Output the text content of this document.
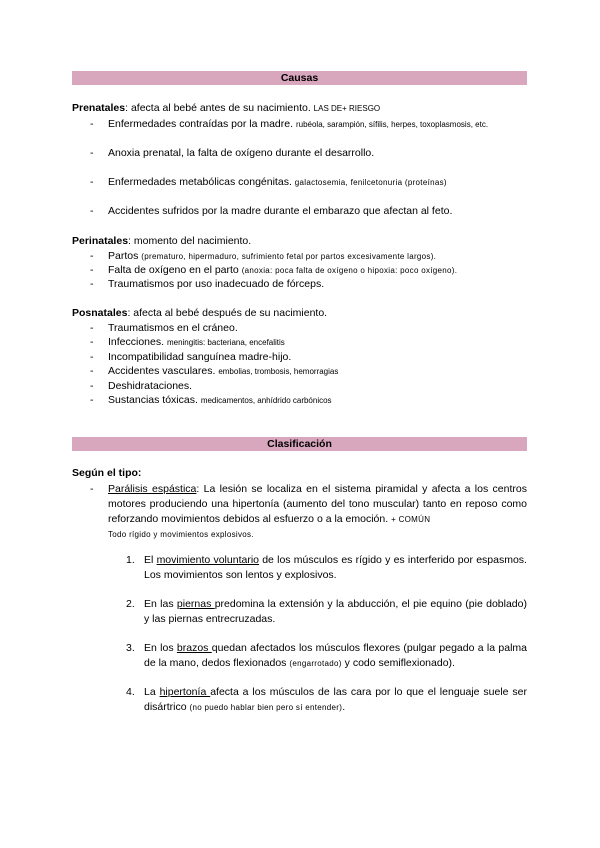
Causas
Prenatales: afecta al bebé antes de su nacimiento. LAS DE+ RIESGO
- Enfermedades contraídas por la madre. rubéola, sarampión, sífilis, herpes, toxoplasmosis, etc.
- Anoxia prenatal, la falta de oxígeno durante el desarrollo.
- Enfermedades metabólicas congénitas. galactosemia, fenilcetonuria (proteínas)
- Accidentes sufridos por la madre durante el embarazo que afectan al feto.
Perinatales: momento del nacimiento.
- Partos (prematuro, hipermaduro, sufrimiento fetal por partos excesivamente largos).
- Falta de oxígeno en el parto (anoxia: poca falta de oxígeno o hipoxia: poco oxígeno).
- Traumatismos por uso inadecuado de fórceps.
Posnatales: afecta al bebé después de su nacimiento.
- Traumatismos en el cráneo.
- Infecciones. meningitis: bacteriana, encefalitis
- Incompatibilidad sanguínea madre-hijo.
- Accidentes vasculares. embolias, trombosis, hemorragias
- Deshidrataciones.
- Sustancias tóxicas. medicamentos, anhídrido carbónicos
Clasificación
Según el tipo:
- Parálisis espástica: La lesión se localiza en el sistema piramidal y afecta a los centros motores produciendo una hipertonía (aumento del tono muscular) tanto en reposo como reforzando movimientos debidos al esfuerzo o a la emoción. + COMÚN
Todo rígido y movimientos explosivos.
1. El movimiento voluntario de los músculos es rígido y es interferido por espasmos. Los movimientos son lentos y explosivos.
2. En las piernas predomina la extensión y la abducción, el pie equino (pie doblado) y las piernas entrecruzadas.
3. En los brazos quedan afectados los músculos flexores (pulgar pegado a la palma de la mano, dedos flexionados (engarrotado) y codo semiflexionado).
4. La hipertonía afecta a los músculos de las cara por lo que el lenguaje suele ser disártrico (no puedo hablar bien pero sí entender).
